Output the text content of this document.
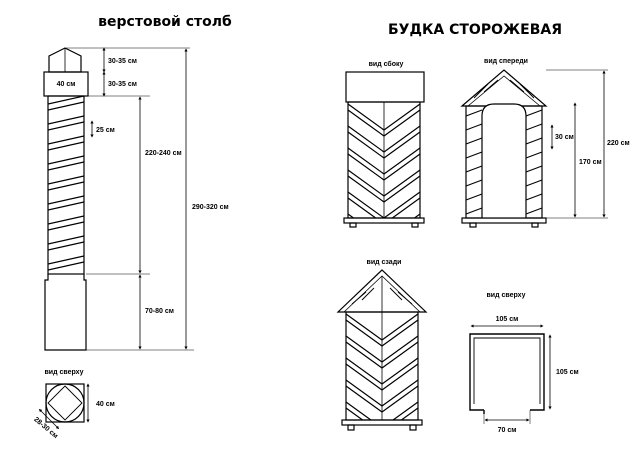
верстовой столб
30-35 см
30-35 см
40 см
25 см
220-240 см
290-320 см
70-80 см
вид сверху
40 см
28-30 см
БУДКА СТОРОЖЕВАЯ
вид сбоку	вид спереди
30 см
170 см
220 см
вид сзади
вид сверху
105 см
105 см
70 см
